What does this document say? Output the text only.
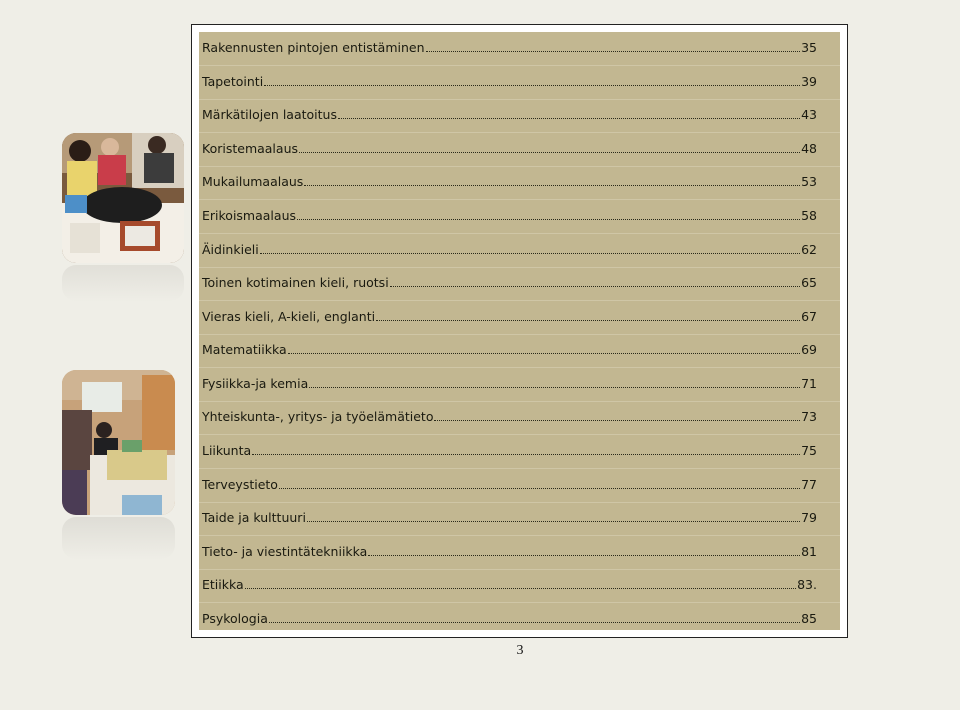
Rakennusten pintojen entistäminen	35
Tapetointi	39
Märkätilojen laatoitus	43
Koristemaalaus	48
Mukailumaalaus	53
Erikoismaalaus	58
Äidinkieli	62
Toinen kotimainen kieli, ruotsi	65
Vieras kieli, A-kieli, englanti	67
Matematiikka	69
Fysiikka-ja kemia	71
Yhteiskunta-, yritys- ja työelämätieto	73
Liikunta	75
Terveystieto	77
Taide ja kulttuuri	79
Tieto- ja viestintätekniikka	81
Etiikka	83.
Psykologia	85
3
